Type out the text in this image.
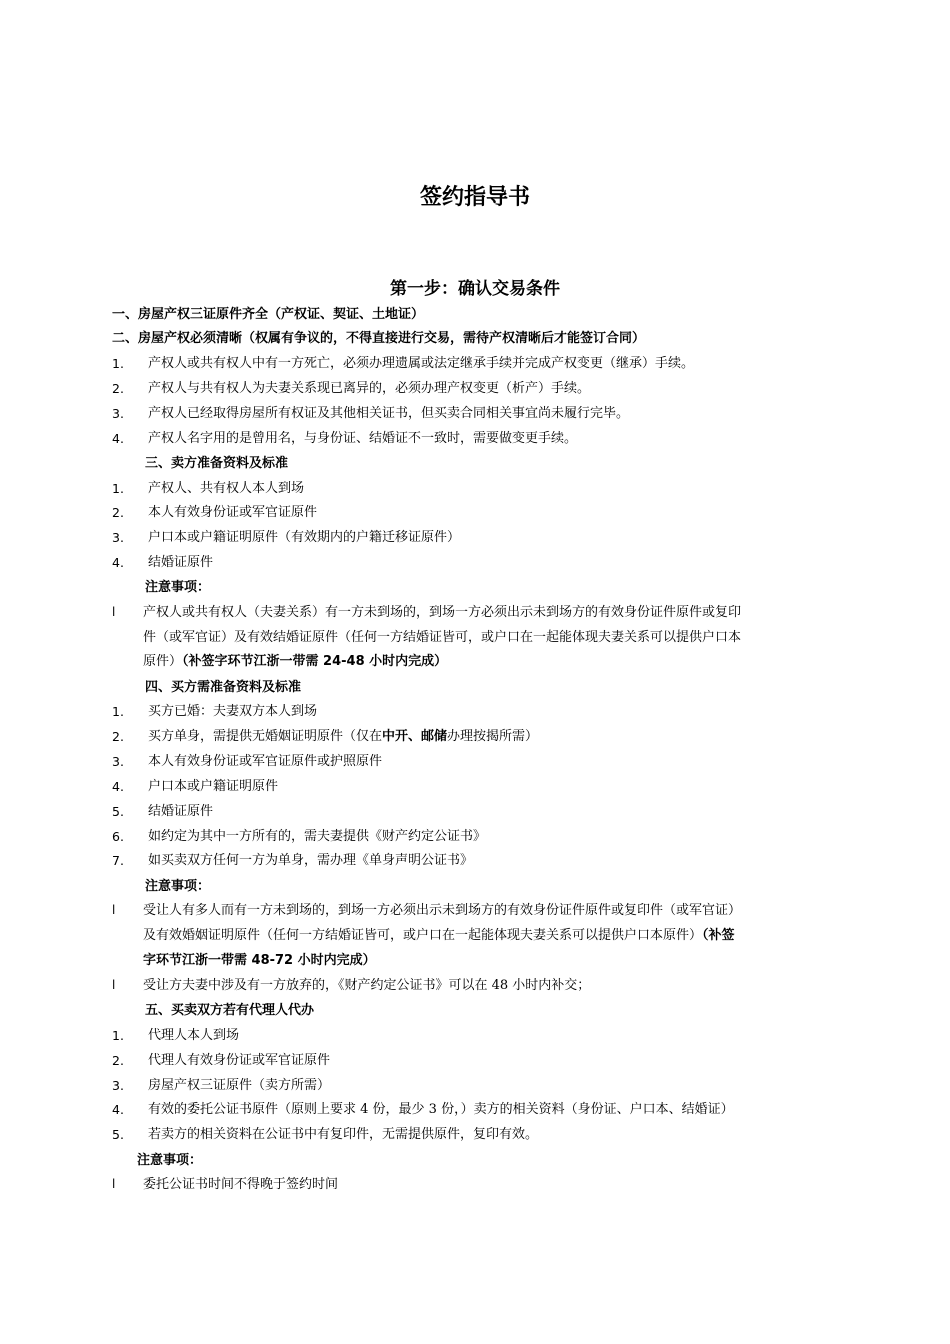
签约指导书
第一步：确认交易条件
一、房屋产权三证原件齐全（产权证、契证、土地证）
二、房屋产权必须清晰（权属有争议的，不得直接进行交易，需待产权清晰后才能签订合同）
1.	产权人或共有权人中有一方死亡，必须办理遗属或法定继承手续并完成产权变更（继承）手续。
2.	产权人与共有权人为夫妻关系现已离异的，必须办理产权变更（析产）手续。
3.	产权人已经取得房屋所有权证及其他相关证书，但买卖合同相关事宜尚未履行完毕。
4.	产权人名字用的是曾用名，与身份证、结婚证不一致时，需要做变更手续。
三、卖方准备资料及标准
1.	产权人、共有权人本人到场
2.	本人有效身份证或军官证原件
3.	户口本或户籍证明原件（有效期内的户籍迁移证原件）
4.	结婚证原件
注意事项：
l 产权人或共有权人（夫妻关系）有一方未到场的，到场一方必须出示未到场方的有效身份证件原件或复印
件（或军官证）及有效结婚证原件（任何一方结婚证皆可，或户口在一起能体现夫妻关系可以提供户口本
原件）（补签字环节江浙一带需 24-48 小时内完成）
四、买方需准备资料及标准
1.	买方已婚：夫妻双方本人到场
2.	买方单身，需提供无婚姻证明原件（仅在中开、邮储办理按揭所需）
3.	本人有效身份证或军官证原件或护照原件
4.	户口本或户籍证明原件
5.	结婚证原件
6.	如约定为其中一方所有的，需夫妻提供《财产约定公证书》
7.	如买卖双方任何一方为单身，需办理《单身声明公证书》
注意事项：
l 受让人有多人而有一方未到场的，到场一方必须出示未到场方的有效身份证件原件或复印件（或军官证）
及有效婚姻证明原件（任何一方结婚证皆可，或户口在一起能体现夫妻关系可以提供户口本原件）（补签
字环节江浙一带需 48-72 小时内完成）
l 受让方夫妻中涉及有一方放弃的，《财产约定公证书》可以在 48 小时内补交；
五、买卖双方若有代理人代办
1.	代理人本人到场
2.	代理人有效身份证或军官证原件
3.	房屋产权三证原件（卖方所需）
4.	有效的委托公证书原件（原则上要求 4 份，最少 3 份，）卖方的相关资料（身份证、户口本、结婚证）
5.	若卖方的相关资料在公证书中有复印件，无需提供原件，复印有效。
注意事项：
l 委托公证书时间不得晚于签约时间
